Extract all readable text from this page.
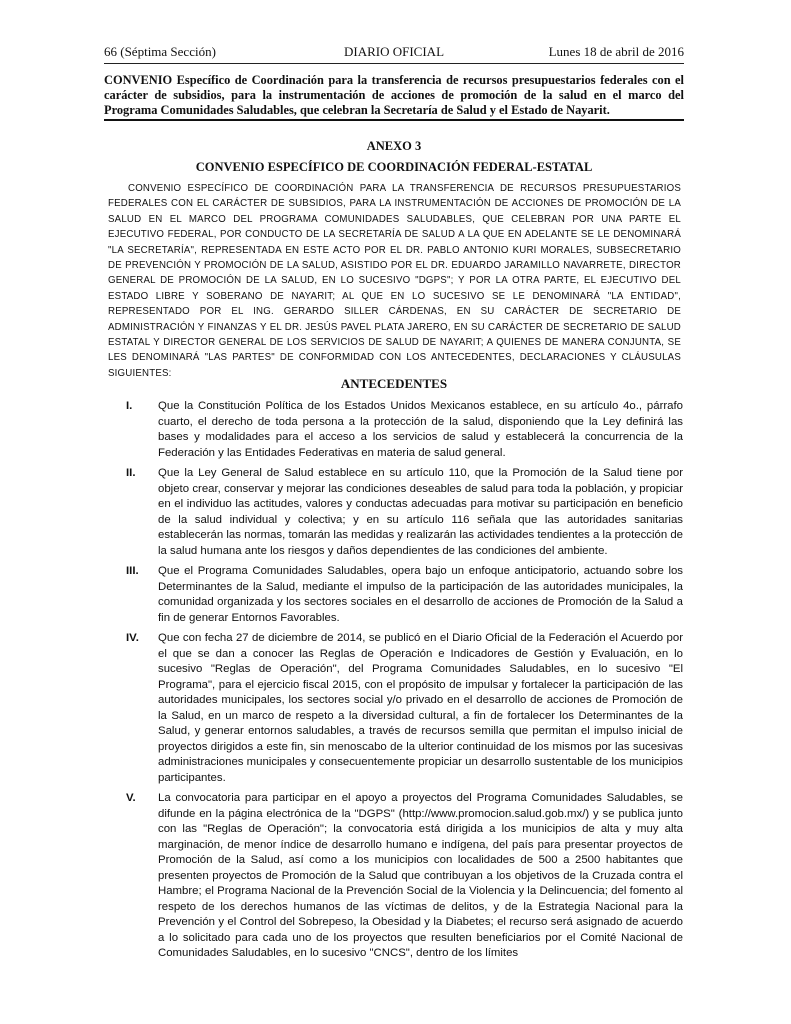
66 (Séptima Sección)	DIARIO OFICIAL	Lunes 18 de abril de 2016
CONVENIO Específico de Coordinación para la transferencia de recursos presupuestarios federales con el carácter de subsidios, para la instrumentación de acciones de promoción de la salud en el marco del Programa Comunidades Saludables, que celebran la Secretaría de Salud y el Estado de Nayarit.
ANEXO 3
CONVENIO ESPECÍFICO DE COORDINACIÓN FEDERAL-ESTATAL
CONVENIO ESPECÍFICO DE COORDINACIÓN PARA LA TRANSFERENCIA DE RECURSOS PRESUPUESTARIOS FEDERALES CON EL CARÁCTER DE SUBSIDIOS, PARA LA INSTRUMENTACIÓN DE ACCIONES DE PROMOCIÓN DE LA SALUD EN EL MARCO DEL PROGRAMA COMUNIDADES SALUDABLES, QUE CELEBRAN POR UNA PARTE EL EJECUTIVO FEDERAL, POR CONDUCTO DE LA SECRETARÍA DE SALUD A LA QUE EN ADELANTE SE LE DENOMINARÁ "LA SECRETARÍA", REPRESENTADA EN ESTE ACTO POR EL DR. PABLO ANTONIO KURI MORALES, SUBSECRETARIO DE PREVENCIÓN Y PROMOCIÓN DE LA SALUD, ASISTIDO POR EL DR. EDUARDO JARAMILLO NAVARRETE, DIRECTOR GENERAL DE PROMOCIÓN DE LA SALUD, EN LO SUCESIVO "DGPS"; Y POR LA OTRA PARTE, EL EJECUTIVO DEL ESTADO LIBRE Y SOBERANO DE NAYARIT; AL QUE EN LO SUCESIVO SE LE DENOMINARÁ "LA ENTIDAD", REPRESENTADO POR EL ING. GERARDO SILLER CÁRDENAS, EN SU CARÁCTER DE SECRETARIO DE ADMINISTRACIÓN Y FINANZAS Y EL DR. JESÚS PAVEL PLATA JARERO, EN SU CARÁCTER DE SECRETARIO DE SALUD ESTATAL Y DIRECTOR GENERAL DE LOS SERVICIOS DE SALUD DE NAYARIT; A QUIENES DE MANERA CONJUNTA, SE LES DENOMINARÁ "LAS PARTES" DE CONFORMIDAD CON LOS ANTECEDENTES, DECLARACIONES Y CLÁUSULAS SIGUIENTES:
ANTECEDENTES
I. Que la Constitución Política de los Estados Unidos Mexicanos establece, en su artículo 4o., párrafo cuarto, el derecho de toda persona a la protección de la salud, disponiendo que la Ley definirá las bases y modalidades para el acceso a los servicios de salud y establecerá la concurrencia de la Federación y las Entidades Federativas en materia de salud general.
II. Que la Ley General de Salud establece en su artículo 110, que la Promoción de la Salud tiene por objeto crear, conservar y mejorar las condiciones deseables de salud para toda la población, y propiciar en el individuo las actitudes, valores y conductas adecuadas para motivar su participación en beneficio de la salud individual y colectiva; y en su artículo 116 señala que las autoridades sanitarias establecerán las normas, tomarán las medidas y realizarán las actividades tendientes a la protección de la salud humana ante los riesgos y daños dependientes de las condiciones del ambiente.
III. Que el Programa Comunidades Saludables, opera bajo un enfoque anticipatorio, actuando sobre los Determinantes de la Salud, mediante el impulso de la participación de las autoridades municipales, la comunidad organizada y los sectores sociales en el desarrollo de acciones de Promoción de la Salud a fin de generar Entornos Favorables.
IV. Que con fecha 27 de diciembre de 2014, se publicó en el Diario Oficial de la Federación el Acuerdo por el que se dan a conocer las Reglas de Operación e Indicadores de Gestión y Evaluación, en lo sucesivo "Reglas de Operación", del Programa Comunidades Saludables, en lo sucesivo "El Programa", para el ejercicio fiscal 2015, con el propósito de impulsar y fortalecer la participación de las autoridades municipales, los sectores social y/o privado en el desarrollo de acciones de Promoción de la Salud, en un marco de respeto a la diversidad cultural, a fin de fortalecer los Determinantes de la Salud, y generar entornos saludables, a través de recursos semilla que permitan el impulso inicial de proyectos dirigidos a este fin, sin menoscabo de la ulterior continuidad de los mismos por las sucesivas administraciones municipales y consecuentemente propiciar un desarrollo sustentable de los municipios participantes.
V. La convocatoria para participar en el apoyo a proyectos del Programa Comunidades Saludables, se difunde en la página electrónica de la "DGPS" (http://www.promocion.salud.gob.mx/) y se publica junto con las "Reglas de Operación"; la convocatoria está dirigida a los municipios de alta y muy alta marginación, de menor índice de desarrollo humano e indígena, del país para presentar proyectos de Promoción de la Salud, así como a los municipios con localidades de 500 a 2500 habitantes que presenten proyectos de Promoción de la Salud que contribuyan a los objetivos de la Cruzada contra el Hambre; el Programa Nacional de la Prevención Social de la Violencia y la Delincuencia; del fomento al respeto de los derechos humanos de las víctimas de delitos, y de la Estrategia Nacional para la Prevención y el Control del Sobrepeso, la Obesidad y la Diabetes; el recurso será asignado de acuerdo a lo solicitado para cada uno de los proyectos que resulten beneficiarios por el Comité Nacional de Comunidades Saludables, en lo sucesivo "CNCS", dentro de los límites
